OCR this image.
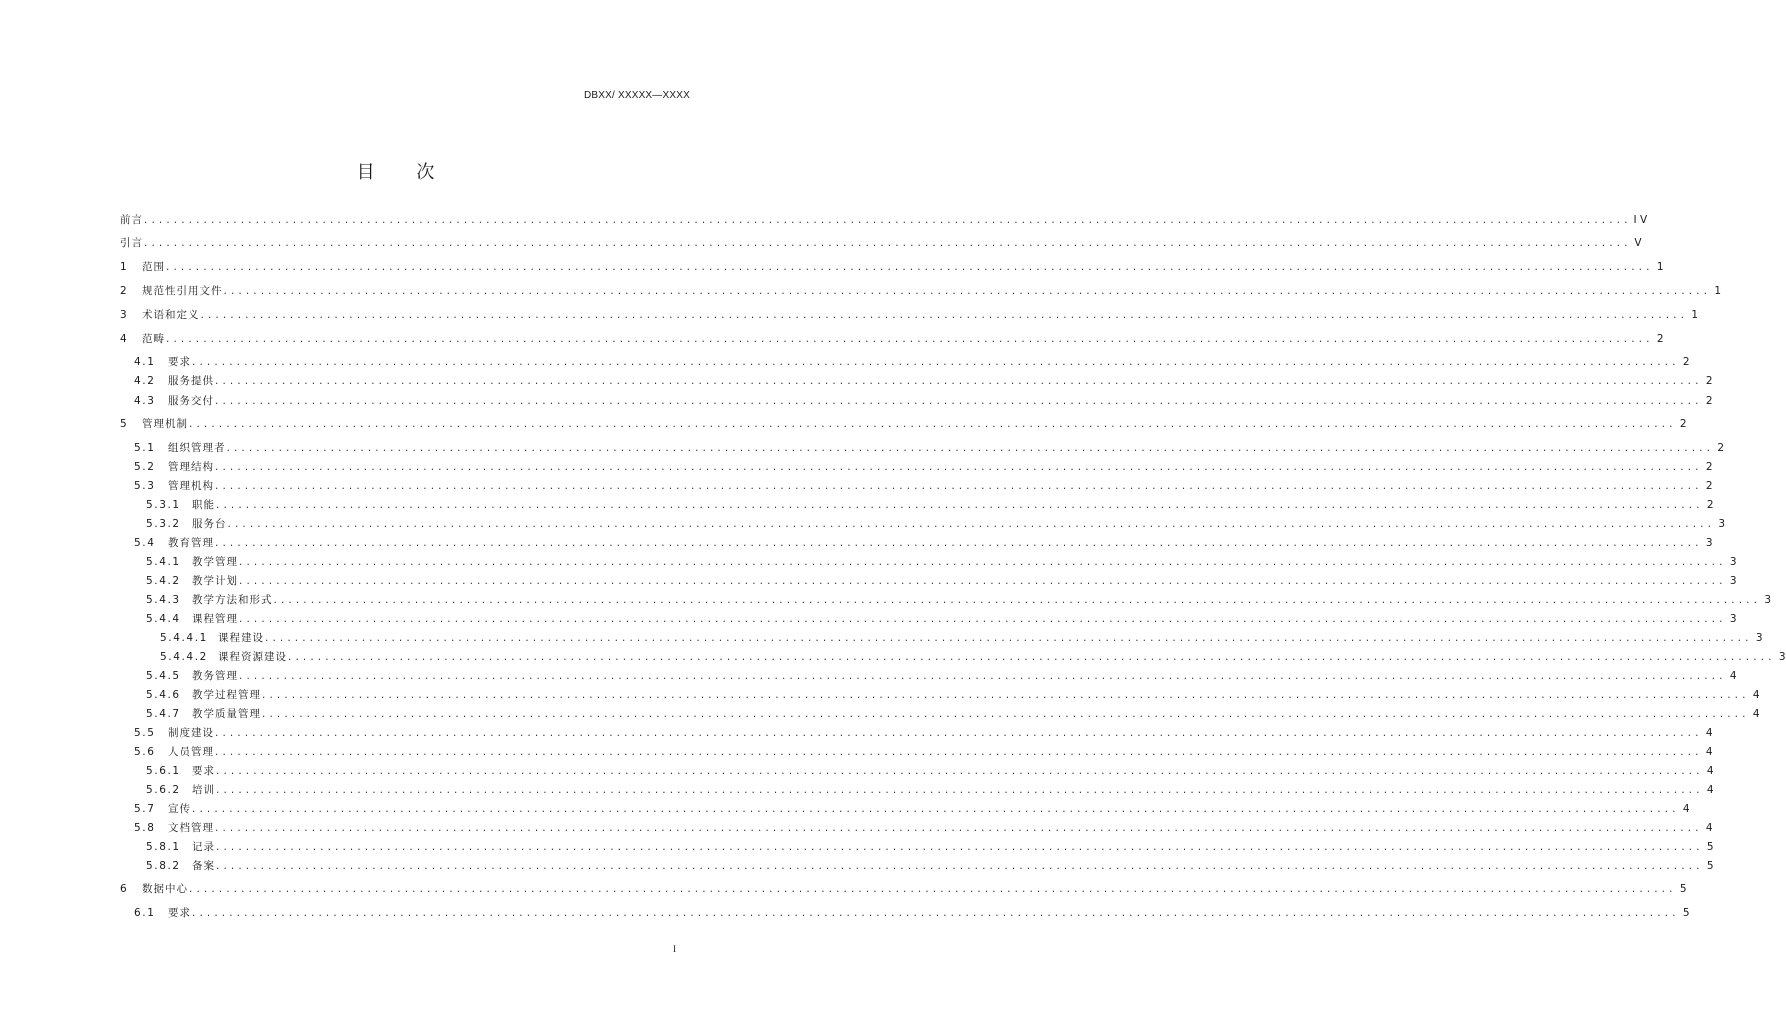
DBXX/ XXXXX—XXXX
目 次
前言 ........................................................................................................................................................................................................ I V
引言 ........................................................................................................................................................................................................ V
1	范围 ........................................................................................................................................................................................................ 1
2	规范性引用文件 ........................................................................................................................................................................................................ 1
3	术语和定义 ........................................................................................................................................................................................................ 1
4	范畴 ........................................................................................................................................................................................................ 2
4.1	要求 ........................................................................................................................................................................................................ 2
4.2	服务提供 ........................................................................................................................................................................................................ 2
4.3	服务交付 ........................................................................................................................................................................................................ 2
5	管理机制 ........................................................................................................................................................................................................ 2
5.1	组织管理者 ........................................................................................................................................................................................................ 2
5.2	管理结构 ........................................................................................................................................................................................................ 2
5.3	管理机构 ........................................................................................................................................................................................................ 2
5.3.1	职能 ........................................................................................................................................................................................................ 2
5.3.2	服务台 ........................................................................................................................................................................................................ 3
5.4	教育管理 ........................................................................................................................................................................................................ 3
5.4.1	教学管理 ........................................................................................................................................................................................................ 3
5.4.2	教学计划 ........................................................................................................................................................................................................ 3
5.4.3	教学方法和形式 ........................................................................................................................................................................................................ 3
5.4.4	课程管理 ........................................................................................................................................................................................................ 3
5.4.4.1 课程建设 ........................................................................................................................................................................................................ 3
5.4.4.2 课程资源建设 ........................................................................................................................................................................................................ 3
5.4.5	教务管理 ........................................................................................................................................................................................................ 4
5.4.6	教学过程管理 ........................................................................................................................................................................................................ 4
5.4.7	教学质量管理 ........................................................................................................................................................................................................ 4
5.5	制度建设 ........................................................................................................................................................................................................ 4
5.6	人员管理 ........................................................................................................................................................................................................ 4
5.6.1	要求 ........................................................................................................................................................................................................ 4
5.6.2	培训 ........................................................................................................................................................................................................ 4
5.7	宣传 ........................................................................................................................................................................................................ 4
5.8	文档管理 ........................................................................................................................................................................................................ 4
5.8.1	记录 ........................................................................................................................................................................................................ 5
5.8.2	备案 ........................................................................................................................................................................................................ 5
6	数据中心 ........................................................................................................................................................................................................ 5
6.1	要求 ........................................................................................................................................................................................................ 5
I
